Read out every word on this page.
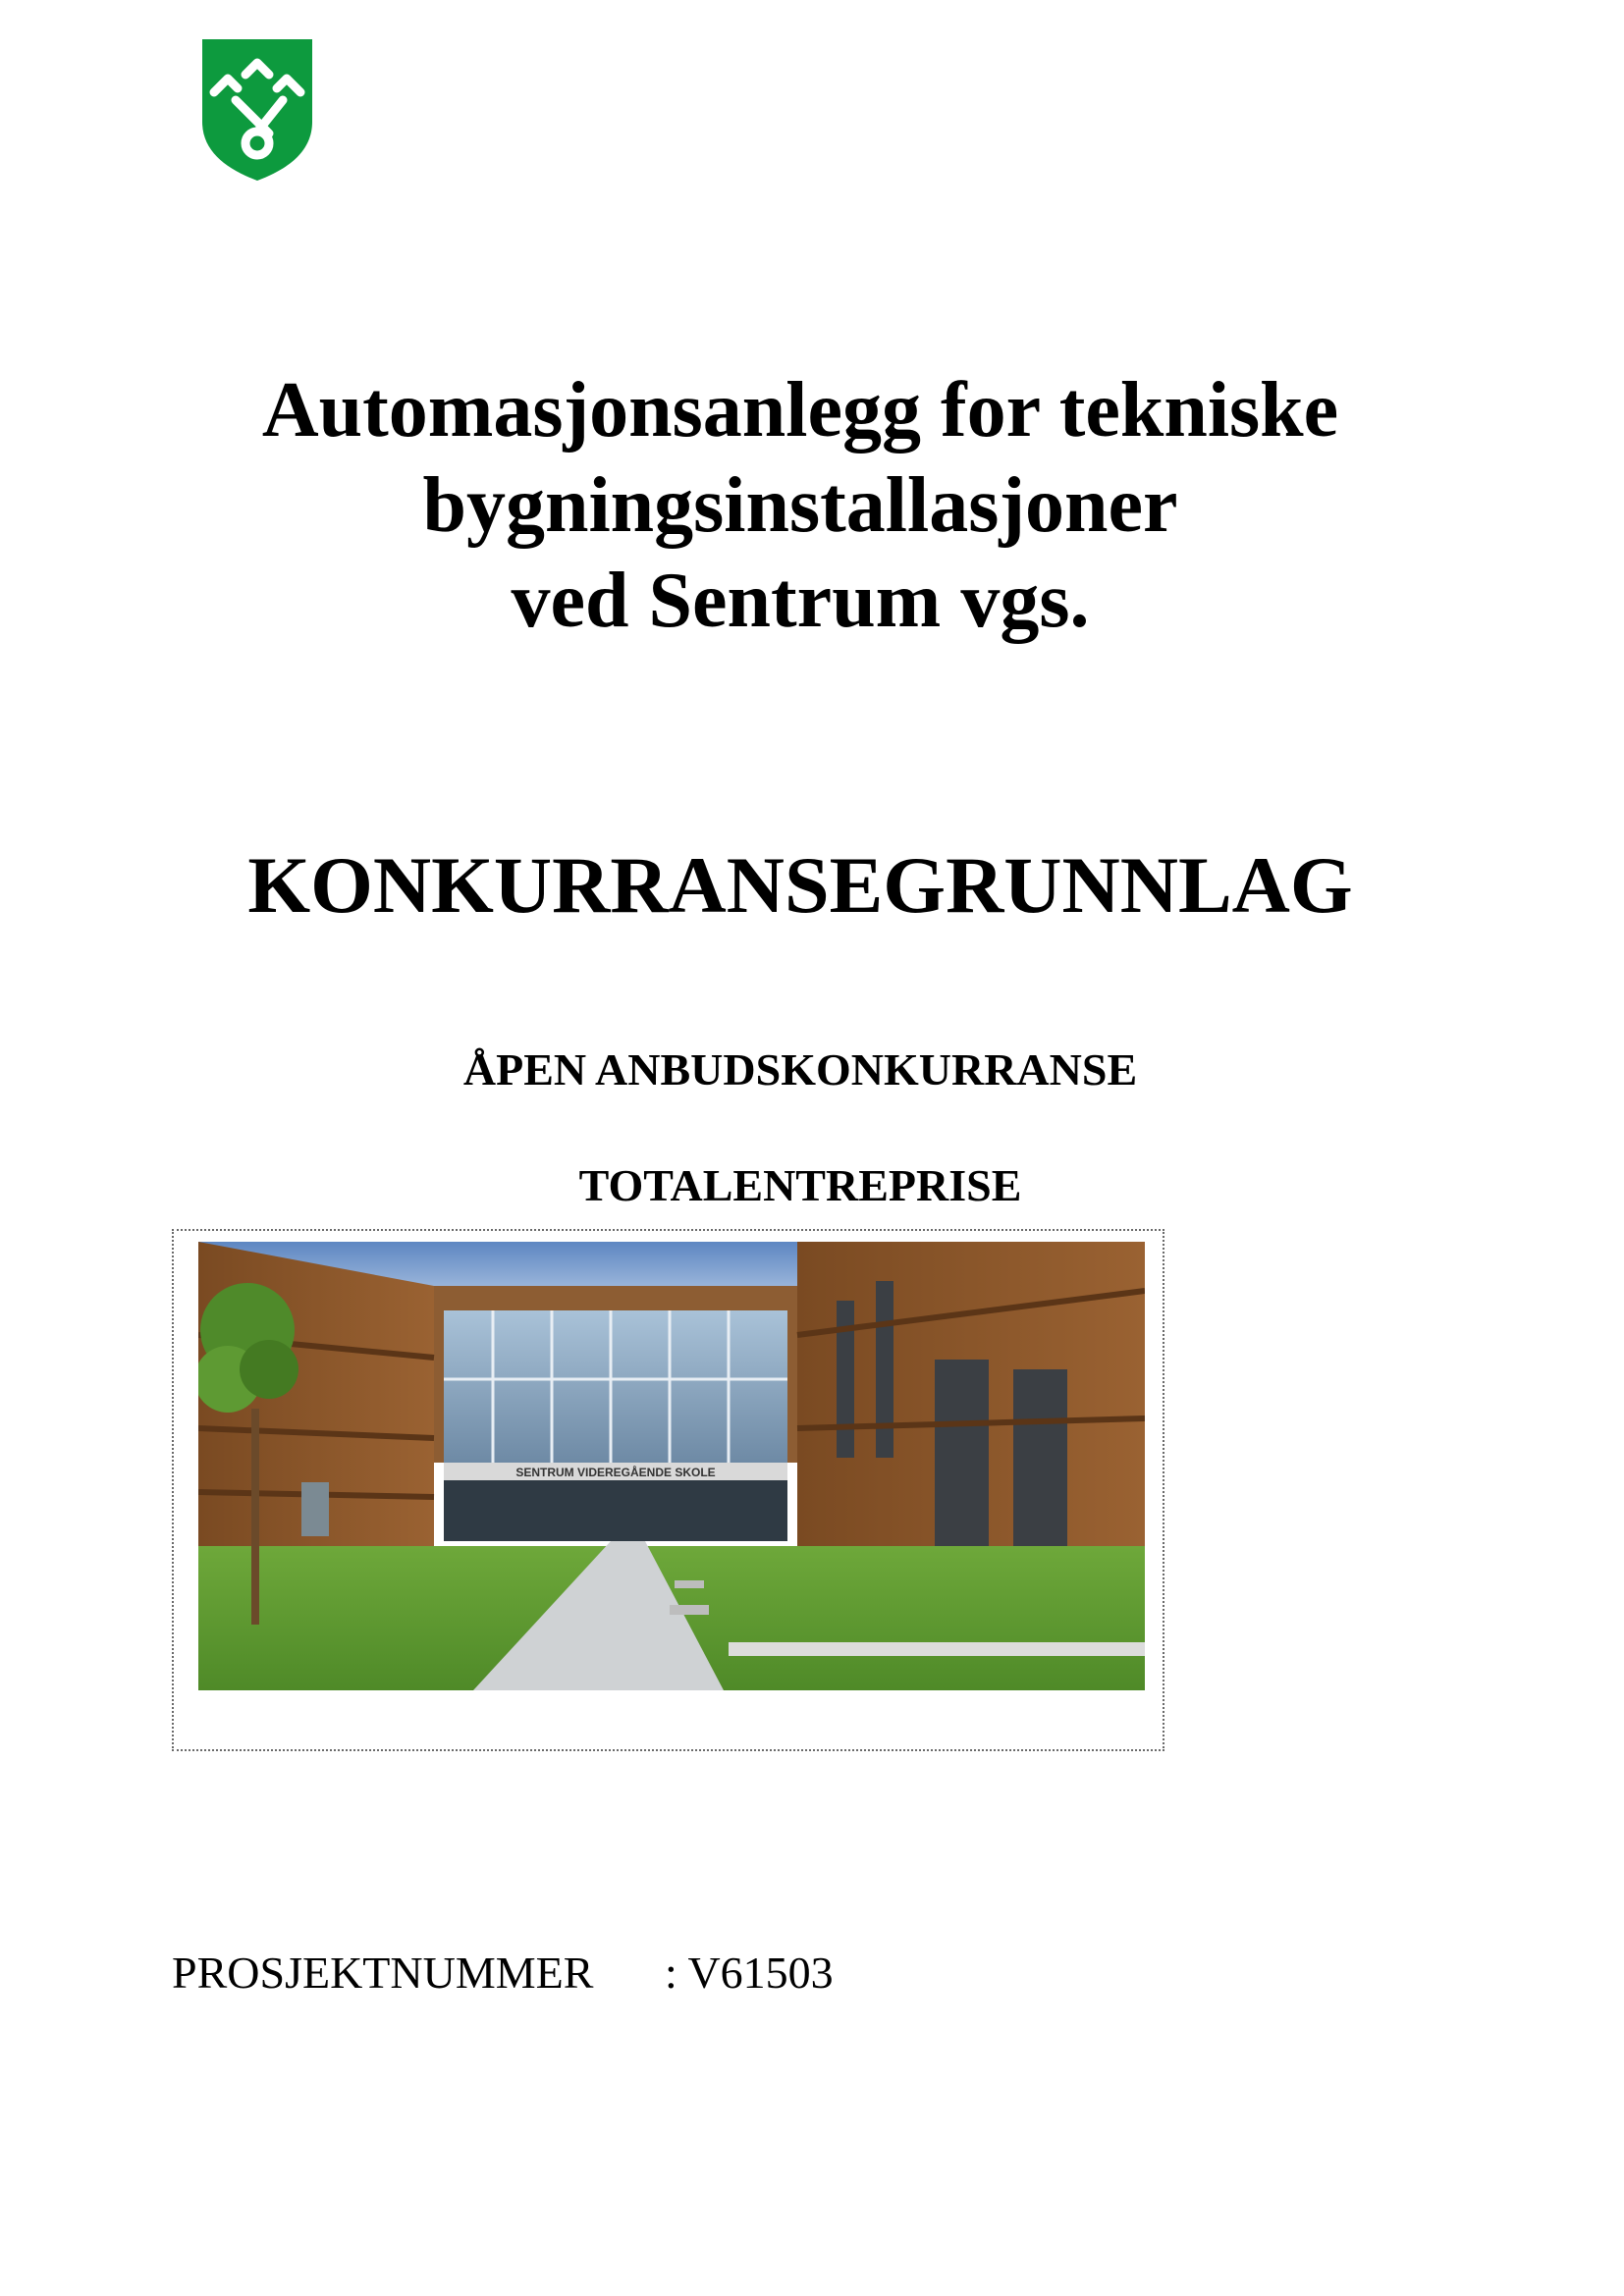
Automasjonsanlegg for tekniske
bygningsinstallasjoner
ved Sentrum vgs.
KONKURRANSEGRUNNLAG
ÅPEN ANBUDSKONKURRANSE
TOTALENTREPRISE
SENTRUM VIDEREGÅENDE SKOLE
PROSJEKTNUMMER : V61503
